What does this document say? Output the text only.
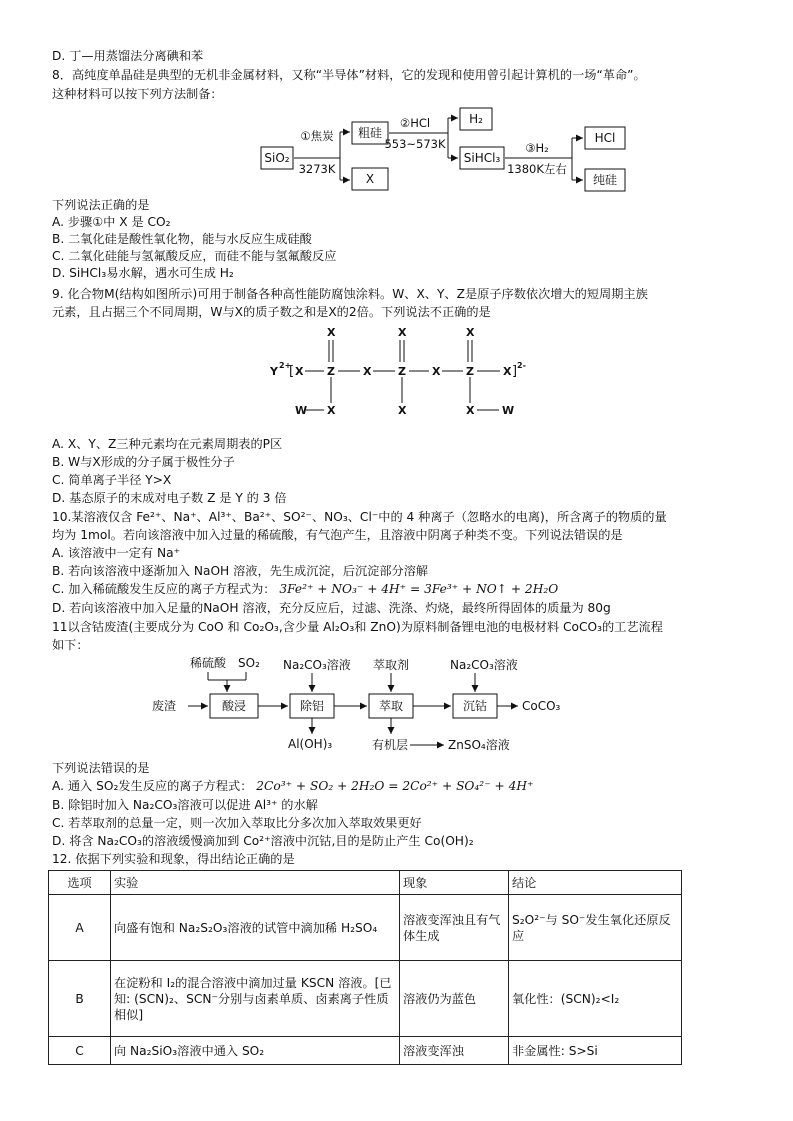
D. 丁—用蒸馏法分离碘和苯
8．高纯度单晶硅是典型的无机非金属材料，又称“半导体”材料，它的发现和使用曾引起计算机的一场“革命”。
这种材料可以按下列方法制备：
SiO₂
①焦炭
3273K
粗硅
X
②HCl
553~573K
H₂
SiHCl₃
③H₂
1380K左右
HCl
纯硅
下列说法正确的是
A. 步骤①中 X 是 CO₂
B. 二氧化硅是酸性氧化物，能与水反应生成硅酸
C. 二氧化硅能与氢氟酸反应，而硅不能与氢氟酸反应
D. SiHCl₃易水解，遇水可生成 H₂
9. 化合物M(结构如图所示)可用于制备各种高性能防腐蚀涂料。W、X、Y、Z是原子序数依次增大的短周期主族
元素，且占据三个不同周期，W与X的质子数之和是X的2倍。下列说法不正确的是
Y 2+
[ X Z
X
X
W
X Z
X
X
X Z
X
X	W
X ] 2-
A. X、Y、Z三种元素均在元素周期表的P区
B. W与X形成的分子属于极性分子
C. 简单离子半径 Y>X
D. 基态原子的末成对电子数 Z 是 Y 的 3 倍
10.某溶液仅含 Fe²⁺、Na⁺、Al³⁺、Ba²⁺、SO²⁻、NO₃、Cl⁻中的 4 种离子（忽略水的电离)，所含离子的物质的量
均为 1mol。若向该溶液中加入过量的稀硫酸，有气泡产生，且溶液中阴离子种类不变。下列说法错误的是
A. 该溶液中一定有 Na⁺
B. 若向该溶液中逐渐加入 NaOH 溶液，先生成沉淀，后沉淀部分溶解
C. 加入稀硫酸发生反应的离子方程式为： 3Fe²⁺ + NO₃⁻ + 4H⁺ = 3Fe³⁺ + NO↑ + 2H₂O
D. 若向该溶液中加入足量的NaOH 溶液，充分反应后，过滤、洗涤、灼烧，最终所得固体的质量为 80g
11以含钴废渣(主要成分为 CoO 和 Co₂O₃,含少量 Al₂O₃和 ZnO)为原料制备锂电池的电极材料 CoCO₃的工艺流程
如下：
稀硫酸 SO₂ Na₂CO₃溶液 萃取剂	Na₂CO₃溶液
废渣	酸浸	除铝	萃取	沉钴	CoCO₃
Al(OH)₃	有机层	ZnSO₄溶液
下列说法错误的是
A. 通入 SO₂发生反应的离子方程式： 2Co³⁺ + SO₂ + 2H₂O = 2Co²⁺ + SO₄²⁻ + 4H⁺
B. 除铝时加入 Na₂CO₃溶液可以促进 Al³⁺ 的水解
C. 若萃取剂的总量一定，则一次加入萃取比分多次加入萃取效果更好
D. 将含 Na₂CO₃的溶液缓慢滴加到 Co²⁺溶液中沉钴,目的是防止产生 Co(OH)₂
12. 依据下列实验和现象，得出结论正确的是
选项	实验	现象	结论
A	向盛有饱和 Na₂S₂O₃溶液的试管中滴加稀 H₂SO₄	溶液变浑浊且有气体生成	S₂O²⁻与 SO⁻发生氧化还原反应
B	在淀粉和 I₂的混合溶液中滴加过量 KSCN 溶液。[已知: (SCN)₂、SCN⁻分别与卤素单质、卤素离子性质相似]	溶液仍为蓝色	氧化性：(SCN)₂<I₂
C	向 Na₂SiO₃溶液中通入 SO₂	溶液变浑浊	非金属性: S>Si
